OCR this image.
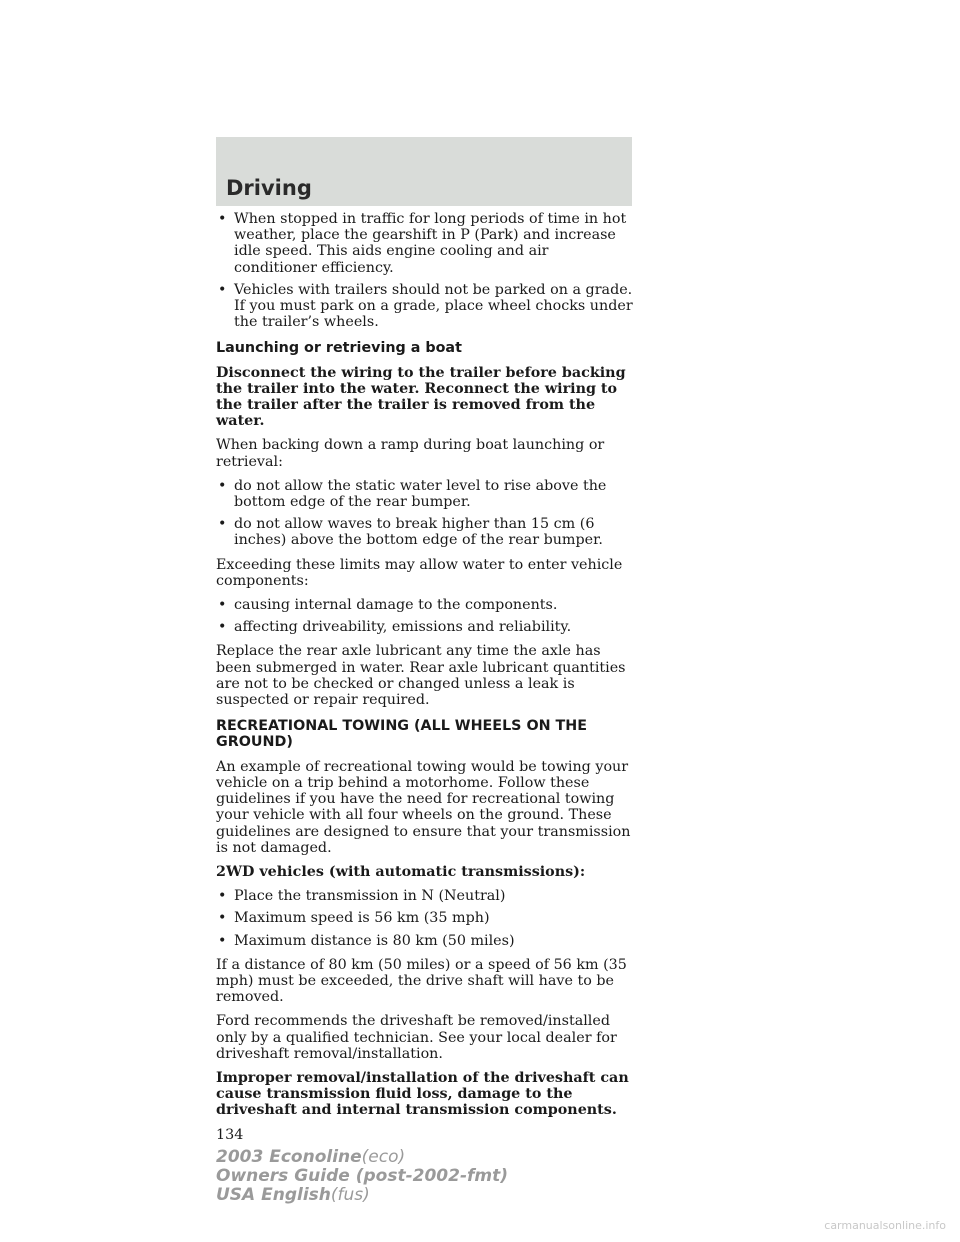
Driving
• When stopped in traffic for long periods of time in hot weather, place the gearshift in P (Park) and increase idle speed. This aids engine cooling and air conditioner efficiency.
• Vehicles with trailers should not be parked on a grade. If you must park on a grade, place wheel chocks under the trailer’s wheels.
Launching or retrieving a boat

Disconnect the wiring to the trailer before backing the trailer into the water. Reconnect the wiring to the trailer after the trailer is removed from the water.

When backing down a ramp during boat launching or retrieval:

• do not allow the static water level to rise above the bottom edge of the rear bumper.
• do not allow waves to break higher than 15 cm (6 inches) above the bottom edge of the rear bumper.

Exceeding these limits may allow water to enter vehicle components:

• causing internal damage to the components.
• affecting driveability, emissions and reliability.

Replace the rear axle lubricant any time the axle has been submerged in water. Rear axle lubricant quantities are not to be checked or changed unless a leak is suspected or repair required.

RECREATIONAL TOWING (ALL WHEELS ON THE GROUND)

An example of recreational towing would be towing your vehicle on a trip behind a motorhome. Follow these guidelines if you have the need for recreational towing your vehicle with all four wheels on the ground. These guidelines are designed to ensure that your transmission is not damaged.

2WD vehicles (with automatic transmissions):

• Place the transmission in N (Neutral)
• Maximum speed is 56 km (35 mph)
• Maximum distance is 80 km (50 miles)

If a distance of 80 km (50 miles) or a speed of 56 km (35 mph) must be exceeded, the drive shaft will have to be removed.

Ford recommends the driveshaft be removed/installed only by a qualified technician. See your local dealer for driveshaft removal/installation.

Improper removal/installation of the driveshaft can cause transmission fluid loss, damage to the driveshaft and internal transmission components.

134
2003 Econoline(eco)
Owners Guide (post-2002-fmt)
USA English(fus)
carmanualsonline.info
